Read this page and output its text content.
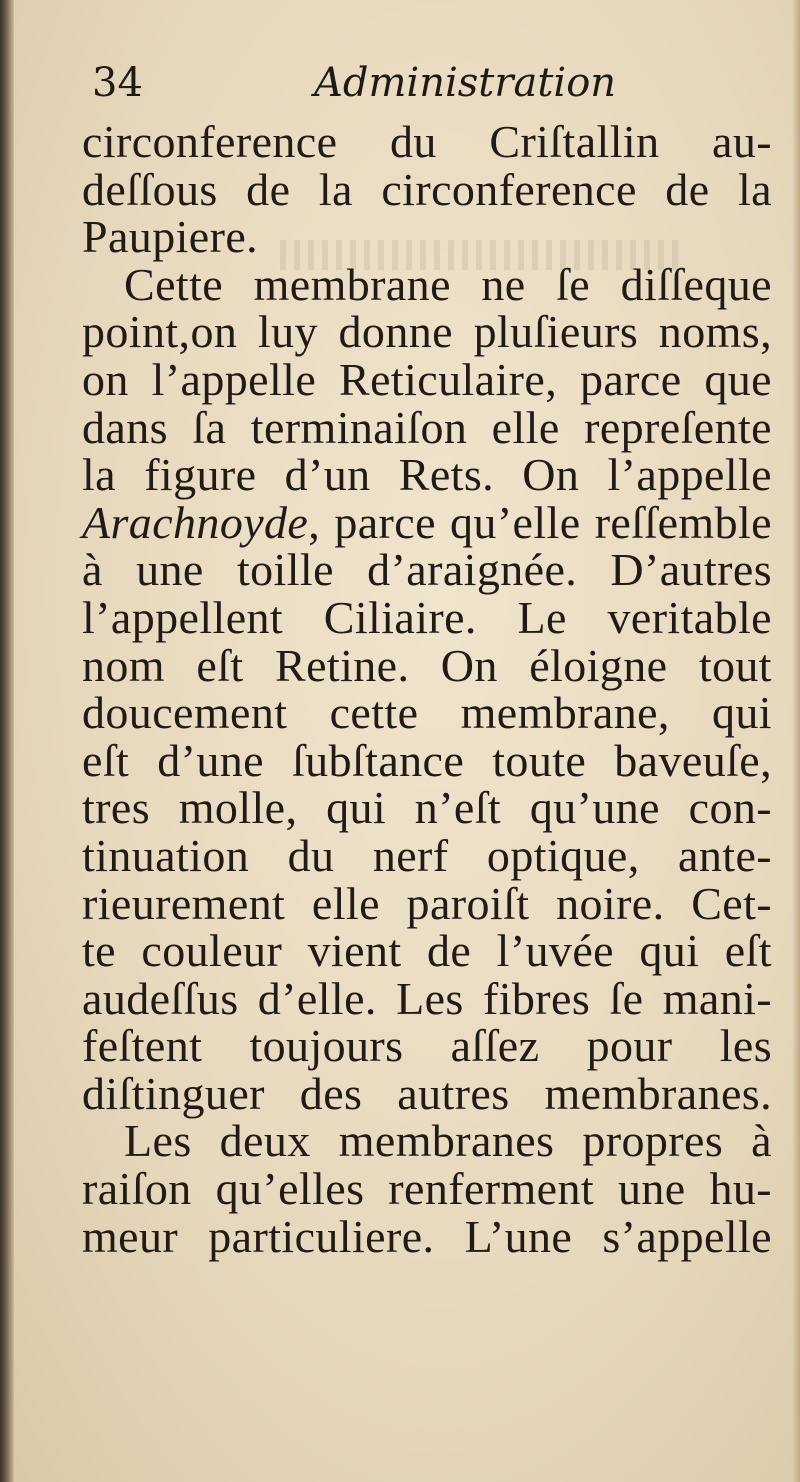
34	Administration
circonference du Criſtallin au-
deſſous de la circonference de la
Paupiere.
Cette membrane ne ſe diſſeque
point,on luy donne pluſieurs noms,
on l’appelle Reticulaire, parce que
dans ſa terminaiſon elle repreſente
la figure d’un Rets. On l’appelle
Arachnoyde, parce qu’elle reſſemble
à une toille d’araignée. D’autres
l’appellent Ciliaire. Le veritable
nom eſt Retine. On éloigne tout
doucement cette membrane, qui
eſt d’une ſubſtance toute baveuſe,
tres molle, qui n’eſt qu’une con-
tinuation du nerf optique, ante-
rieurement elle paroiſt noire. Cet-
te couleur vient de l’uvée qui eſt
audeſſus d’elle. Les fibres ſe mani-
feſtent toujours aſſez pour les
diſtinguer des autres membranes.
Les deux membranes propres à
raiſon qu’elles renferment une hu-
meur particuliere. L’une s’appelle
